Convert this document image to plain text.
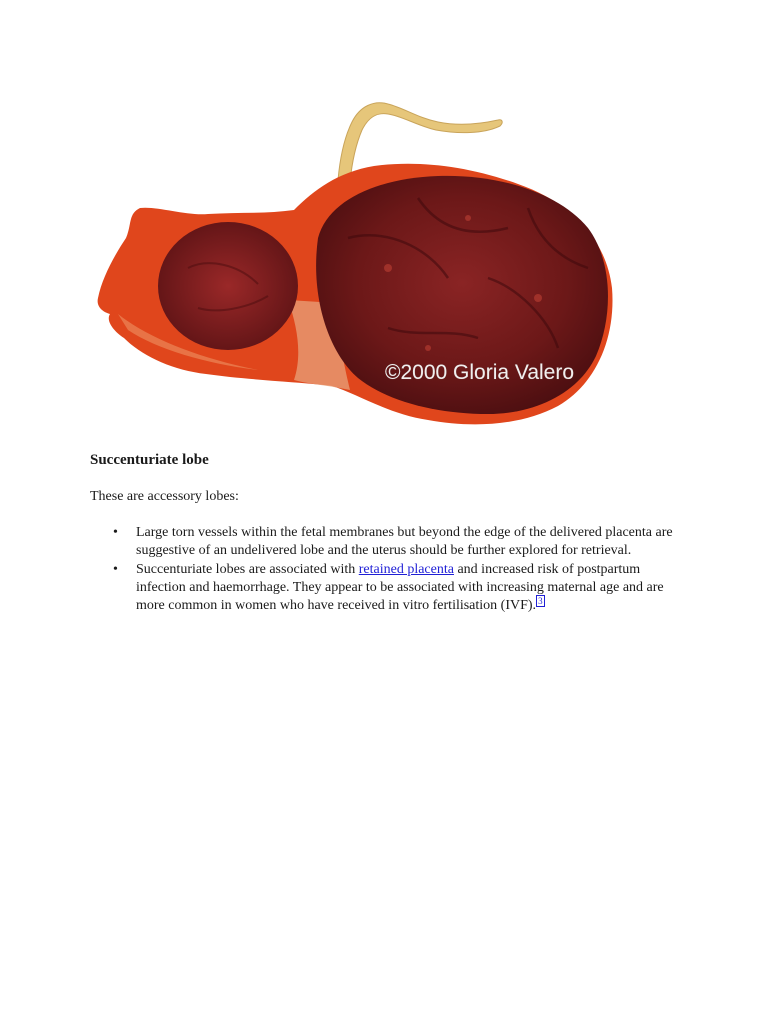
©2000 Gloria Valero
Succenturiate lobe

These are accessory lobes:

• Large torn vessels within the fetal membranes but beyond the edge of the delivered placenta are suggestive of an undelivered lobe and the uterus should be further explored for retrieval.
• Succenturiate lobes are associated with retained placenta and increased risk of postpartum infection and haemorrhage. They appear to be associated with increasing maternal age and are more common in women who have received in vitro fertilisation (IVF). $^3$
